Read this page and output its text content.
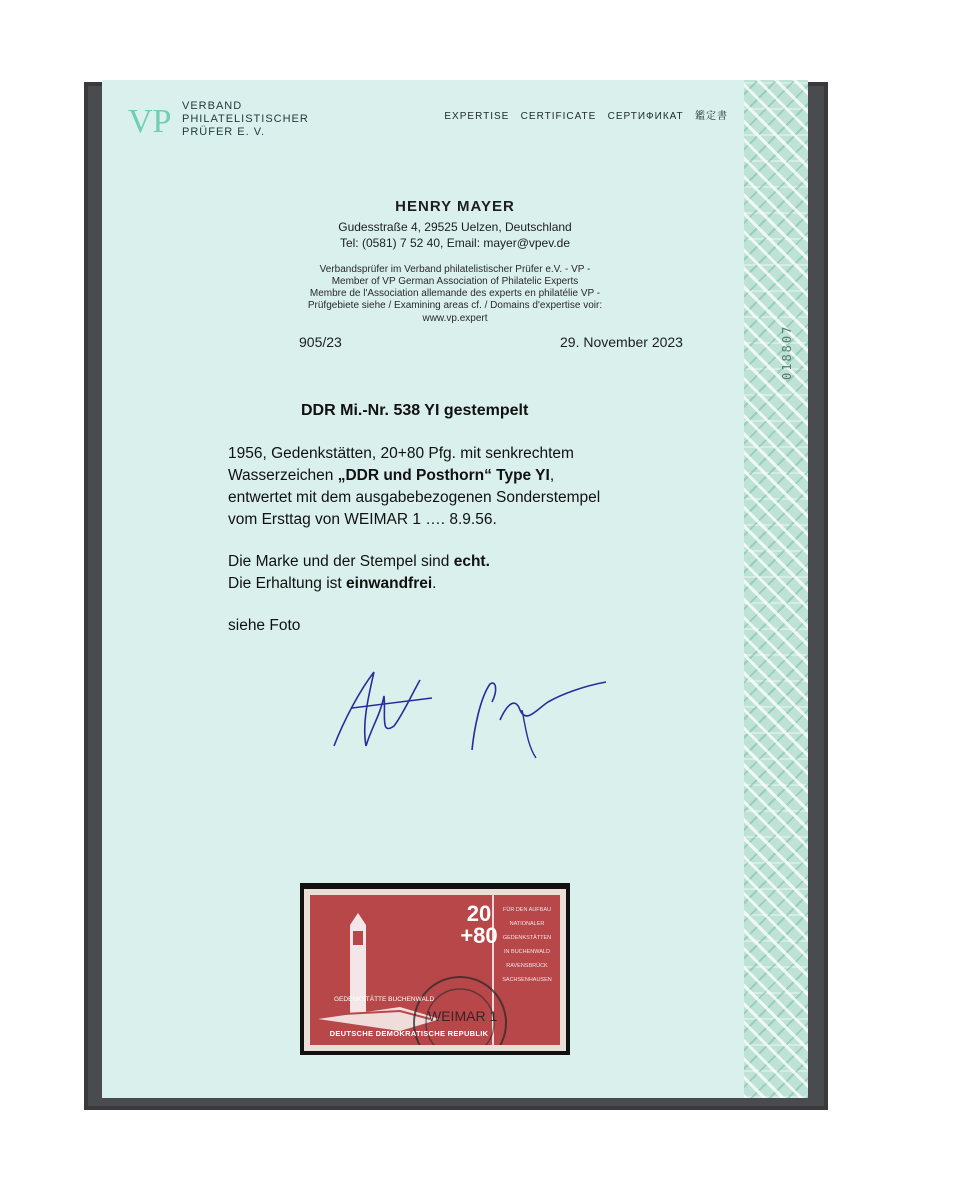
018807
VP VERBAND
PHILATELISTISCHER
PRÜFER E. V.
EXPERTISE   CERTIFICATE   СЕРТИФИКАТ   鑑定書
HENRY MAYER
Gudesstraße 4, 29525 Uelzen, Deutschland
Tel: (0581) 7 52 40, Email: mayer@vpev.de
Verbandsprüfer im Verband philatelistischer Prüfer e.V. - VP -
Member of VP German Association of Philatelic Experts
Membre de l'Association allemande des experts en philatélie VP -
Prüfgebiete siehe / Examining areas cf. / Domains d'expertise voir:
www.vp.expert
905/23	29. November 2023
DDR Mi.-Nr. 538 YI gestempelt
1956, Gedenkstätten, 20+80 Pfg. mit senkrechtem
Wasserzeichen „DDR und Posthorn“ Type YI,
entwertet mit dem ausgabebezogenen Sonderstempel
vom Ersttag von WEIMAR 1 …. 8.9.56.
Die Marke und der Stempel sind echt.
Die Erhaltung ist einwandfrei.
siehe Foto
WEIMAR 1
GEDENKSTÄTTE BUCHENWALD
20
+80
DEUTSCHE DEMOKRATISCHE REPUBLIK
FÜR DEN AUFBAU
NATIONALER
GEDENKSTÄTTEN
IN BUCHENWALD
RAVENSBRÜCK
SACHSENHAUSEN
